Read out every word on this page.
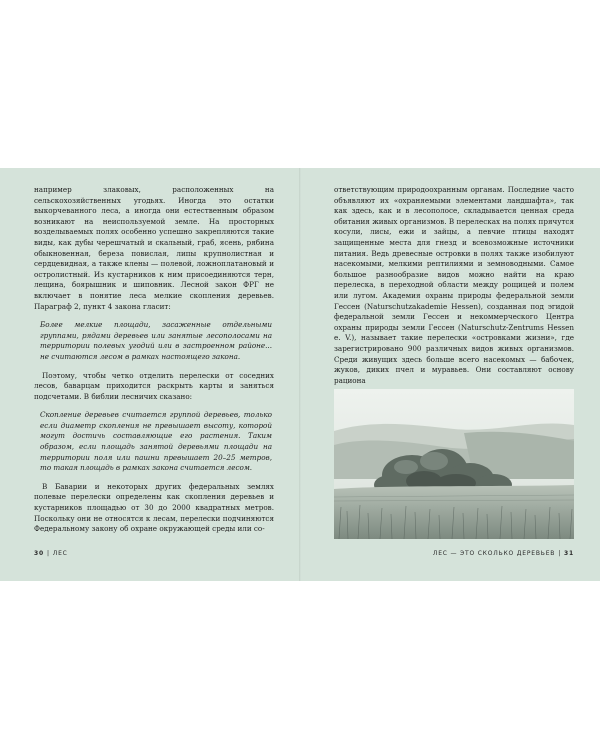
например злаковых, расположенных на сельскохозяйственных угодьях. Иногда это остатки выкорчеванного леса, а иногда они естественным образом возникают на неиспользуемой земле. На просторных возделываемых полях особенно успешно закрепляются такие виды, как дубы черешчатый и скальный, граб, ясень, рябина обыкновенная, береза повислая, липы крупнолистная и сердцевидная, а также клены — полевой, ложноплатановый и остролистный. Из кустарников к ним присоединяются терн, лещина, боярышник и шиповник. Лесной закон ФРГ не включает в понятие леса мелкие скопления деревьев. Параграф 2, пункт 4 закона гласит:

Более мелкие площади, засаженные отдельными группами, рядами деревьев или занятые лесополосами на территории полевых угодий или в застроенном районе... не считаются лесом в рамках настоящего закона.

Поэтому, чтобы четко отделить перелески от соседних лесов, баварцам приходится раскрыть карты и заняться подсчетами. В библии лесничих сказано:

Скопление деревьев считается группой деревьев, только если диаметр скопления не превышает высоту, которой могут достичь составляющие его растения. Таким образом, если площадь занятой деревьями площади на территории поля или пашни превышает 20–25 метров, то такая площадь в рамках закона считается лесом.

В Баварии и некоторых других федеральных землях полевые перелески определены как скопления деревьев и кустарников площадью от 30 до 2000 квадратных метров. Поскольку они не относятся к лесам, перелески подчиняются Федеральному закону об охране окружающей среды или со-

ответствующим природоохранным органам. Последние часто объявляют их «охраняемыми элементами ландшафта», так как здесь, как и в лесополосе, складывается ценная среда обитания живых организмов. В перелесках на полях прячутся косули, лисы, ежи и зайцы, а певчие птицы находят защищенные места для гнезд и всевозможные источники питания. Ведь древесные островки в полях также изобилуют насекомыми, мелкими рептилиями и земноводными. Самое большое разнообразие видов можно найти на краю перелеска, в переходной области между рощицей и полем или лугом. Академия охраны природы федеральной земли Гессен (Naturschutzakademie Hessen), созданная под эгидой федеральной земли Гессен и некоммерческого Центра охраны природы земли Гессен (Naturschutz-Zentrums Hessen e. V.), называет такие перелески «островками жизни», где зарегистрировано 900 различных видов живых организмов. Среди живущих здесь больше всего насекомых — бабочек, жуков, диких пчел и муравьев. Они составляют основу рациона

30 | ЛЕС	ЛЕС — ЭТО СКОЛЬКО ДЕРЕВЬЕВ | 31
